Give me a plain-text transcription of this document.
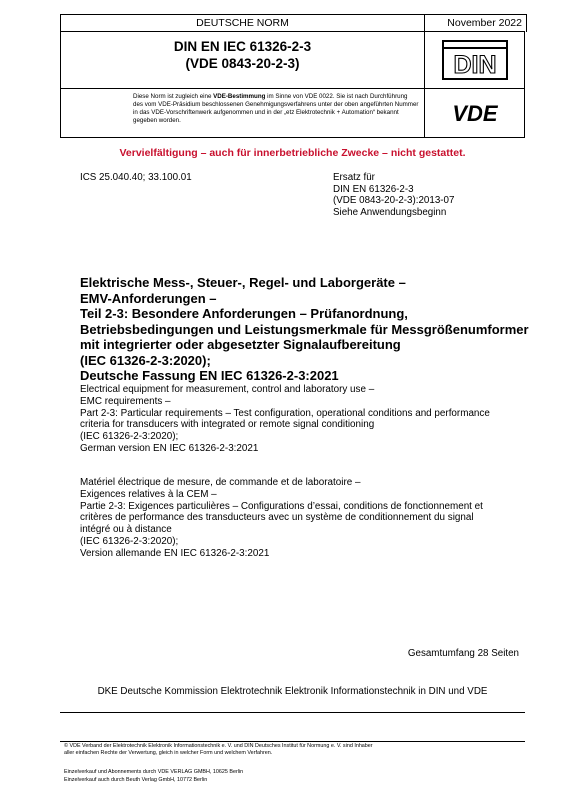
DEUTSCHE NORM	November 2022
DIN EN IEC 61326-2-3
(VDE 0843-20-2-3)	DIN
Diese Norm ist zugleich eine VDE-Bestimmung im Sinne von VDE 0022. Sie ist nach Durchführung des vom VDE-Präsidium beschlossenen Genehmigungsverfahrens unter der oben angeführten Nummer in das VDE-Vorschriftenwerk aufgenommen und in der „etz Elektrotechnik + Automation“ bekannt gegeben worden.	VDE
Vervielfältigung – auch für innerbetriebliche Zwecke – nicht gestattet.
ICS 25.040.40; 33.100.01	Ersatz für
DIN EN 61326-2-3
(VDE 0843-20-2-3):2013-07
Siehe Anwendungsbeginn
Elektrische Mess-, Steuer-, Regel- und Laborgeräte –
EMV-Anforderungen –
Teil 2-3: Besondere Anforderungen – Prüfanordnung,
Betriebsbedingungen und Leistungsmerkmale für Messgrößenumformer
mit integrierter oder abgesetzter Signalaufbereitung
(IEC 61326-2-3:2020);
Deutsche Fassung EN IEC 61326-2-3:2021
Electrical equipment for measurement, control and laboratory use –
EMC requirements –
Part 2-3: Particular requirements – Test configuration, operational conditions and performance
criteria for transducers with integrated or remote signal conditioning
(IEC 61326-2-3:2020);
German version EN IEC 61326-2-3:2021
Matériel électrique de mesure, de commande et de laboratoire –
Exigences relatives à la CEM –
Partie 2-3: Exigences particulières – Configurations d’essai, conditions de fonctionnement et
critères de performance des transducteurs avec un système de conditionnement du signal
intégré ou à distance
(IEC 61326-2-3:2020);
Version allemande EN IEC 61326-2-3:2021
Gesamtumfang 28 Seiten
DKE Deutsche Kommission Elektrotechnik Elektronik Informationstechnik in DIN und VDE
© VDE Verband der Elektrotechnik Elektronik Informationstechnik e. V. und DIN Deutsches Institut für Normung e. V. sind Inhaber
aller einfachen Rechte der Verwertung, gleich in welcher Form und welchem Verfahren.
Einzelverkauf und Abonnements durch VDE VERLAG GMBH, 10625 Berlin
Einzelverkauf auch durch Beuth Verlag GmbH, 10772 Berlin
